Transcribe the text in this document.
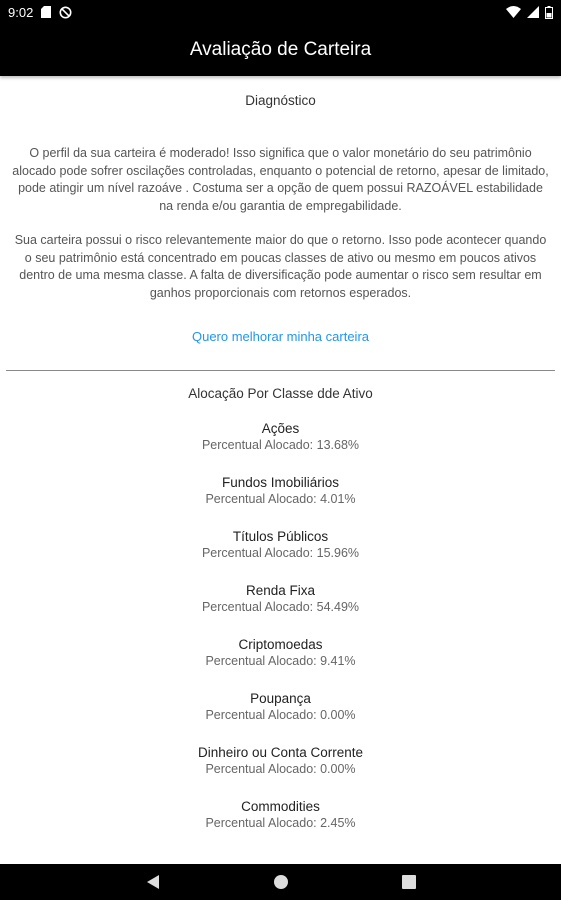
9:02
Avaliação de Carteira

Diagnóstico

O perfil da sua carteira é moderado! Isso significa que o valor monetário do seu patrimônio alocado pode sofrer oscilações controladas, enquanto o potencial de retorno, apesar de limitado, pode atingir um nível razoáve . Costuma ser a opção de quem possui RAZOÁVEL estabilidade na renda e/ou garantia de empregabilidade.

Sua carteira possui o risco relevantemente maior do que o retorno. Isso pode acontecer quando o seu patrimônio está concentrado em poucas classes de ativo ou mesmo em poucos ativos dentro de uma mesma classe. A falta de diversificação pode aumentar o risco sem resultar em ganhos proporcionais com retornos esperados.

Quero melhorar minha carteira

Alocação Por Classe dde Ativo

Ações
Percentual Alocado: 13.68%
Fundos Imobiliários
Percentual Alocado: 4.01%
Títulos Públicos
Percentual Alocado: 15.96%
Renda Fixa
Percentual Alocado: 54.49%
Criptomoedas
Percentual Alocado: 9.41%
Poupança
Percentual Alocado: 0.00%
Dinheiro ou Conta Corrente
Percentual Alocado: 0.00%
Commodities
Percentual Alocado: 2.45%
